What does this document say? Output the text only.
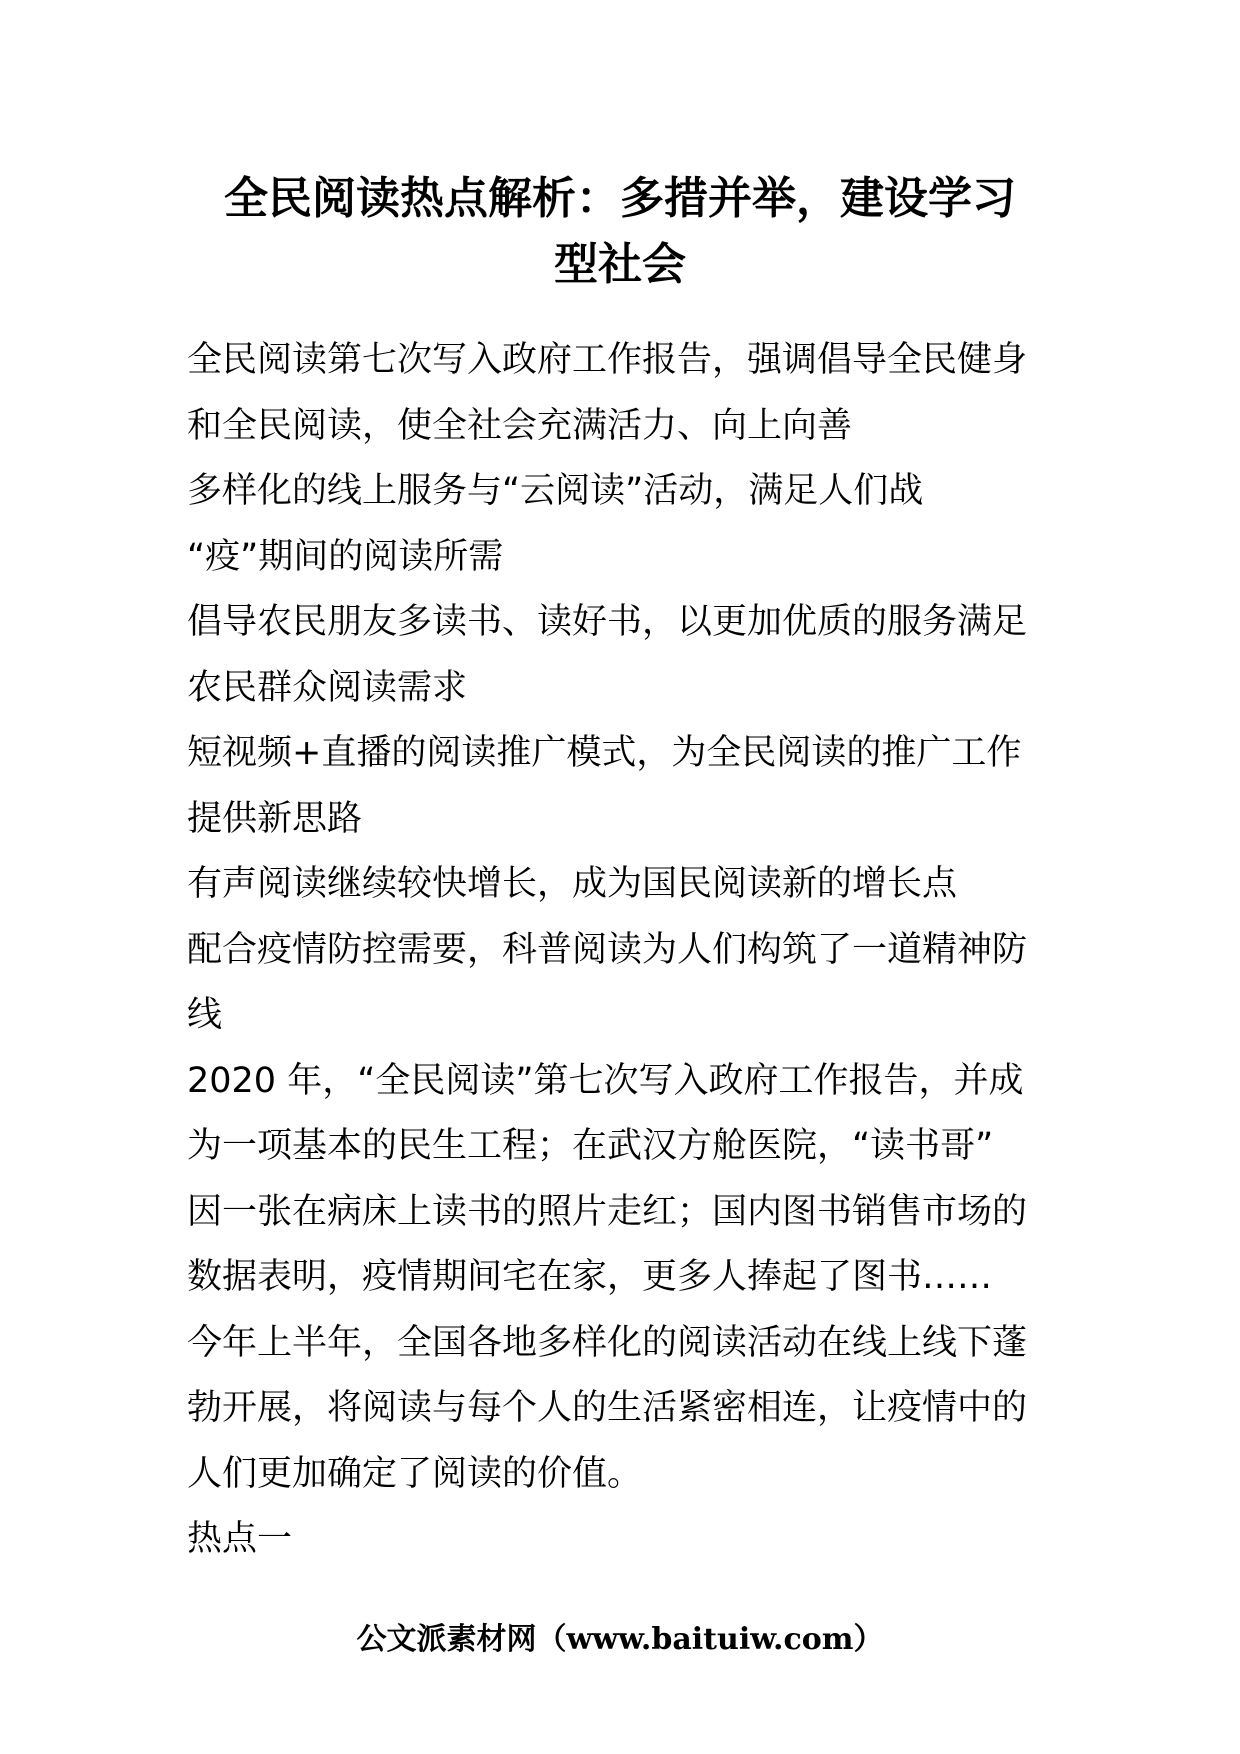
全民阅读热点解析：多措并举，建设学习
型社会
全民阅读第七次写入政府工作报告，强调倡导全民健身
和全民阅读，使全社会充满活力、向上向善
多样化的线上服务与“云阅读”活动，满足人们战
“疫”期间的阅读所需
倡导农民朋友多读书、读好书，以更加优质的服务满足
农民群众阅读需求
短视频+直播的阅读推广模式，为全民阅读的推广工作
提供新思路
有声阅读继续较快增长，成为国民阅读新的增长点
配合疫情防控需要，科普阅读为人们构筑了一道精神防
线
2020 年，“全民阅读”第七次写入政府工作报告，并成
为一项基本的民生工程；在武汉方舱医院，“读书哥”
因一张在病床上读书的照片走红；国内图书销售市场的
数据表明，疫情期间宅在家，更多人捧起了图书……
今年上半年，全国各地多样化的阅读活动在线上线下蓬
勃开展，将阅读与每个人的生活紧密相连，让疫情中的
人们更加确定了阅读的价值。
热点一
公文派素材网（www.baituiw.com）
